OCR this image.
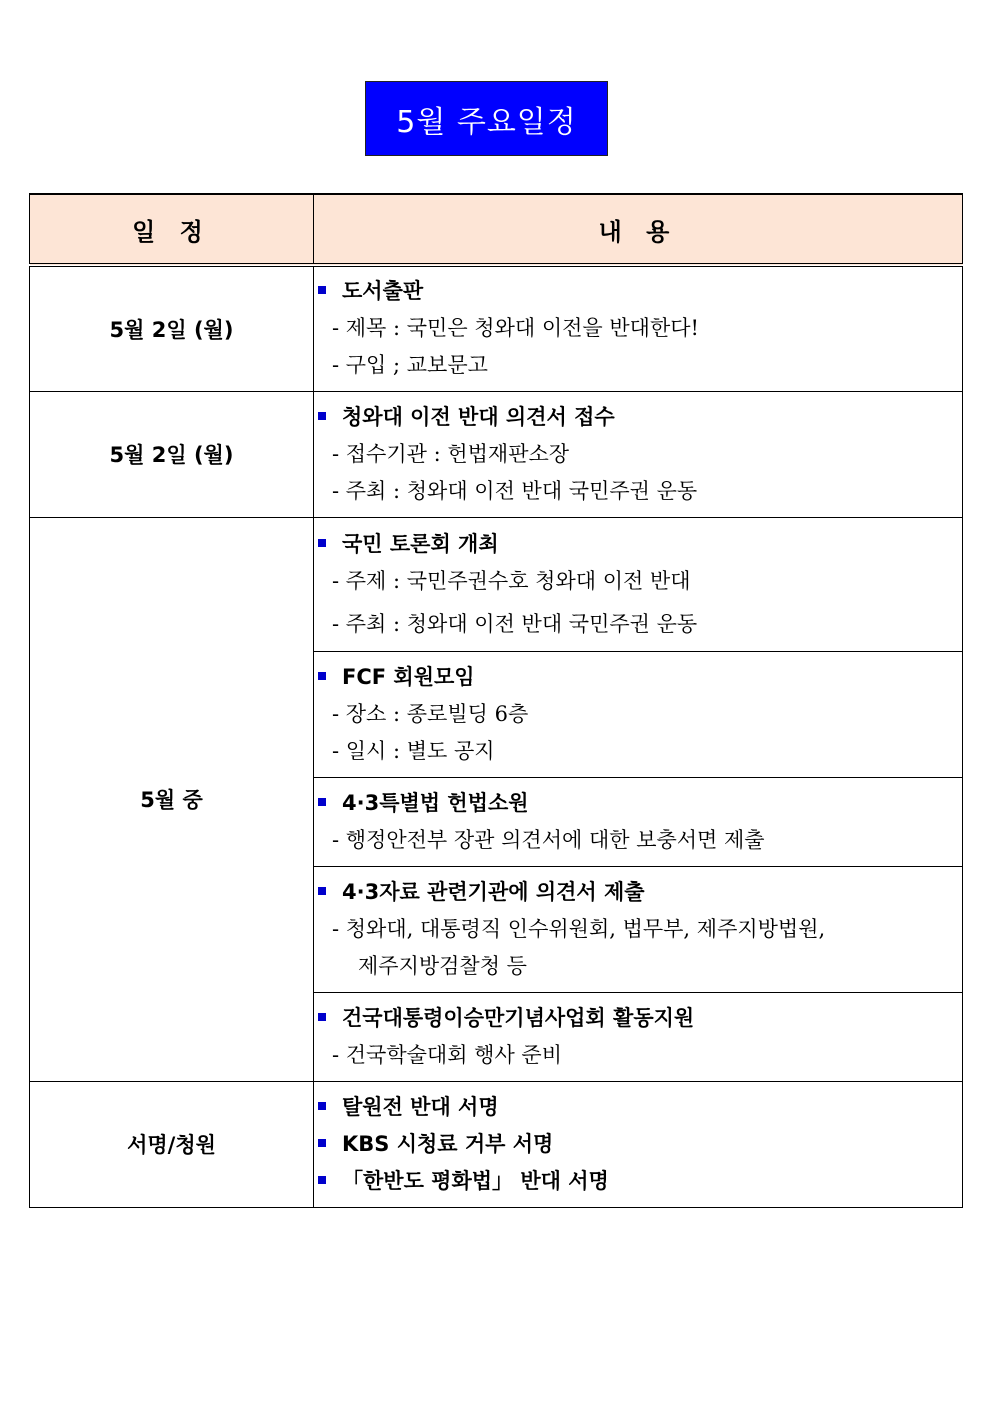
5월 주요일정
일 정	내 용
5월 2일 (월)	도서출판
- 제목 : 국민은 청와대 이전을 반대한다!
- 구입 ; 교보문고

5월 2일 (월)	청와대 이전 반대 의견서 접수
- 접수기관 : 헌법재판소장
- 주최 : 청와대 이전 반대 국민주권 운동

5월 중	국민 토론회 개최
- 주제 : 국민주권수호 청와대 이전 반대
- 주최 : 청와대 이전 반대 국민주권 운동

	FCF 회원모임
- 장소 : 종로빌딩 6층
- 일시 : 별도 공지

	4·3특별법 헌법소원
- 행정안전부 장관 의견서에 대한 보충서면 제출

	4·3자료 관련기관에 의견서 제출
- 청와대, 대통령직 인수위원회, 법무부, 제주지방법원,
제주지방검찰청 등

	건국대통령이승만기념사업회 활동지원
- 건국학술대회 행사 준비

서명/청원	탈원전 반대 서명
KBS 시청료 거부 서명
「한반도 평화법」 반대 서명
